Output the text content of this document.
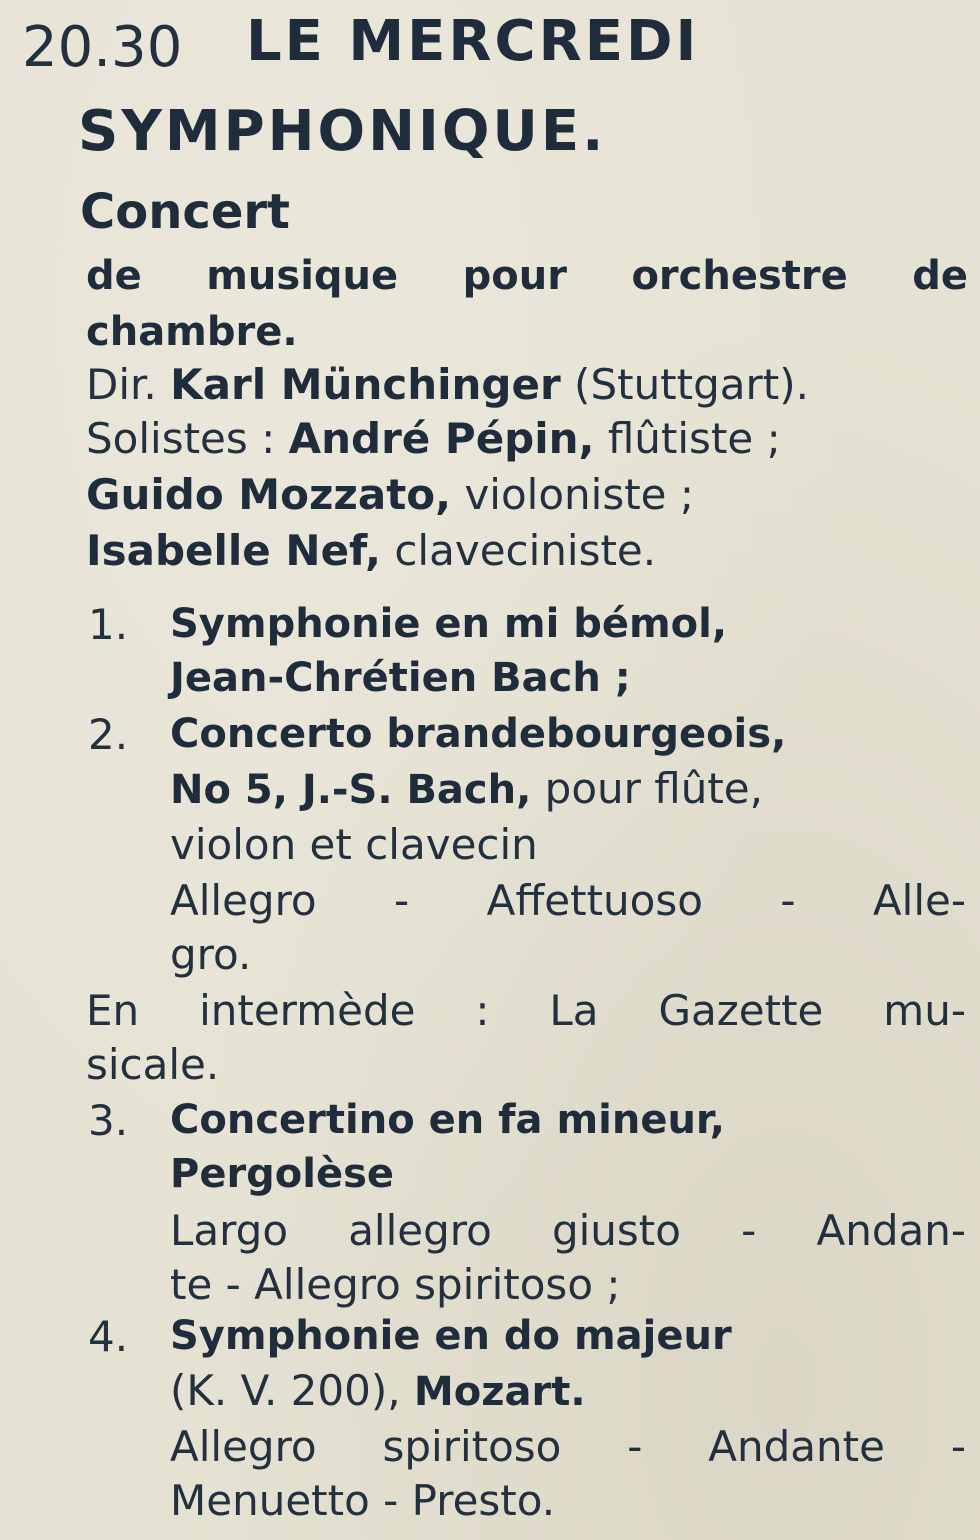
20.30 LE MERCREDI
SYMPHONIQUE.
Concert
de musique pour orchestre de
chambre.
Dir. Karl Münchinger (Stuttgart).
Solistes : André Pépin, flûtiste ;
Guido Mozzato, violoniste ;
Isabelle Nef, claveciniste.
1. Symphonie en mi bémol,
Jean-Chrétien Bach ;
2. Concerto brandebourgeois,
No 5, J.-S. Bach, pour flûte,
violon et clavecin
Allegro - Affettuoso - Alle-
gro.
En intermède : La Gazette mu-
sicale.
3. Concertino en fa mineur,
Pergolèse
Largo allegro giusto - Andan-
te - Allegro spiritoso ;
4. Symphonie en do majeur
(K. V. 200), Mozart.
Allegro spiritoso - Andante -
Menuetto - Presto.
